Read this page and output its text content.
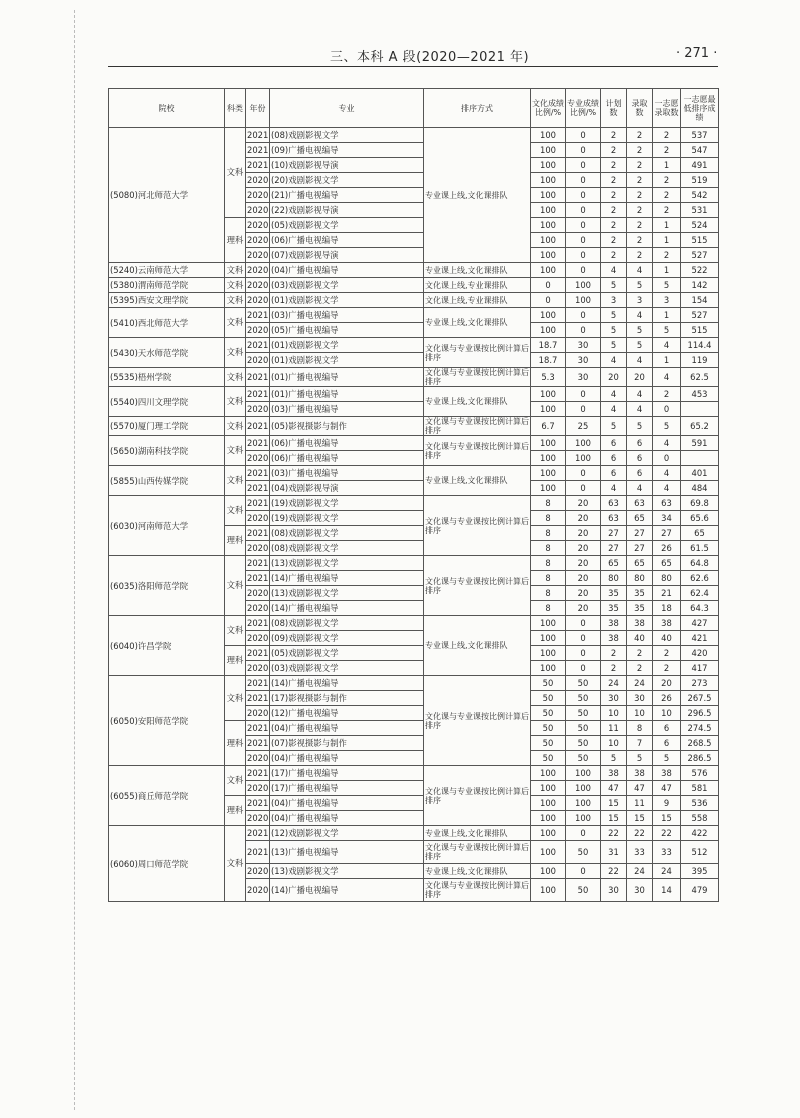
三、本科 A 段(2020—2021 年)	· 271 ·
院校	科类	年份	专业	排序方式	文化成绩比例/%	专业成绩比例/%	计划数	录取数	一志愿录取数	一志愿最低排序成绩
(5080)河北师范大学	文科	2021	(08)戏剧影视文学	专业课上线,文化课排队	100	0	2	2	2	537
		2021	(09)广播电视编导		100	0	2	2	2	547
		2021	(10)戏剧影视导演		100	0	2	2	1	491
		2020	(20)戏剧影视文学		100	0	2	2	2	519
		2020	(21)广播电视编导		100	0	2	2	2	542
		2020	(22)戏剧影视导演		100	0	2	2	2	531
	理科	2020	(05)戏剧影视文学		100	0	2	2	1	524
		2020	(06)广播电视编导		100	0	2	2	1	515
		2020	(07)戏剧影视导演		100	0	2	2	2	527
(5240)云南师范大学	文科	2020	(04)广播电视编导	专业课上线,文化课排队	100	0	4	4	1	522
(5380)渭南师范学院	文科	2020	(03)戏剧影视文学	文化课上线,专业课排队	0	100	5	5	5	142
(5395)西安文理学院	文科	2020	(01)戏剧影视文学	文化课上线,专业课排队	0	100	3	3	3	154
(5410)西北师范大学	文科	2021	(03)广播电视编导	专业课上线,文化课排队	100	0	5	4	1	527
		2020	(05)广播电视编导		100	0	5	5	5	515
(5430)天水师范学院	文科	2021	(01)戏剧影视文学	文化课与专业课按比例计算后排序	18.7	30	5	5	4	114.4
		2020	(01)戏剧影视文学		18.7	30	4	4	1	119
(5535)梧州学院	文科	2021	(01)广播电视编导	文化课与专业课按比例计算后排序	5.3	30	20	20	4	62.5
(5540)四川文理学院	文科	2021	(01)广播电视编导	专业课上线,文化课排队	100	0	4	4	2	453
		2020	(03)广播电视编导		100	0	4	4	0	
(5570)厦门理工学院	文科	2021	(05)影视摄影与制作	文化课与专业课按比例计算后排序	6.7	25	5	5	5	65.2
(5650)湖南科技学院	文科	2021	(06)广播电视编导	文化课与专业课按比例计算后排序	100	100	6	6	4	591
		2020	(06)广播电视编导		100	100	6	6	0	
(5855)山西传媒学院	文科	2021	(03)广播电视编导	专业课上线,文化课排队	100	0	6	6	4	401
		2021	(04)戏剧影视导演		100	0	4	4	4	484
(6030)河南师范大学	文科	2021	(19)戏剧影视文学	文化课与专业课按比例计算后排序	8	20	63	63	63	69.8
		2020	(19)戏剧影视文学		8	20	63	65	34	65.6
	理科	2021	(08)戏剧影视文学		8	20	27	27	27	65
		2020	(08)戏剧影视文学		8	20	27	27	26	61.5
(6035)洛阳师范学院	文科	2021	(13)戏剧影视文学	文化课与专业课按比例计算后排序	8	20	65	65	65	64.8
		2021	(14)广播电视编导		8	20	80	80	80	62.6
		2020	(13)戏剧影视文学		8	20	35	35	21	62.4
		2020	(14)广播电视编导		8	20	35	35	18	64.3
(6040)许昌学院	文科	2021	(08)戏剧影视文学	专业课上线,文化课排队	100	0	38	38	38	427
		2020	(09)戏剧影视文学		100	0	38	40	40	421
	理科	2021	(05)戏剧影视文学		100	0	2	2	2	420
		2020	(03)戏剧影视文学		100	0	2	2	2	417
(6050)安阳师范学院	文科	2021	(14)广播电视编导	文化课与专业课按比例计算后排序	50	50	24	24	20	273
		2021	(17)影视摄影与制作		50	50	30	30	26	267.5
		2020	(12)广播电视编导		50	50	10	10	10	296.5
	理科	2021	(04)广播电视编导		50	50	11	8	6	274.5
		2021	(07)影视摄影与制作		50	50	10	7	6	268.5
		2020	(04)广播电视编导		50	50	5	5	5	286.5
(6055)商丘师范学院	文科	2021	(17)广播电视编导	文化课与专业课按比例计算后排序	100	100	38	38	38	576
		2020	(17)广播电视编导		100	100	47	47	47	581
	理科	2021	(04)广播电视编导		100	100	15	11	9	536
		2020	(04)广播电视编导		100	100	15	15	15	558
(6060)周口师范学院	文科	2021	(12)戏剧影视文学	专业课上线,文化课排队	100	0	22	22	22	422
		2021	(13)广播电视编导	文化课与专业课按比例计算后排序	100	50	31	33	33	512
		2020	(13)戏剧影视文学	专业课上线,文化课排队	100	0	22	24	24	395
		2020	(14)广播电视编导	文化课与专业课按比例计算后排序	100	50	30	30	14	479
